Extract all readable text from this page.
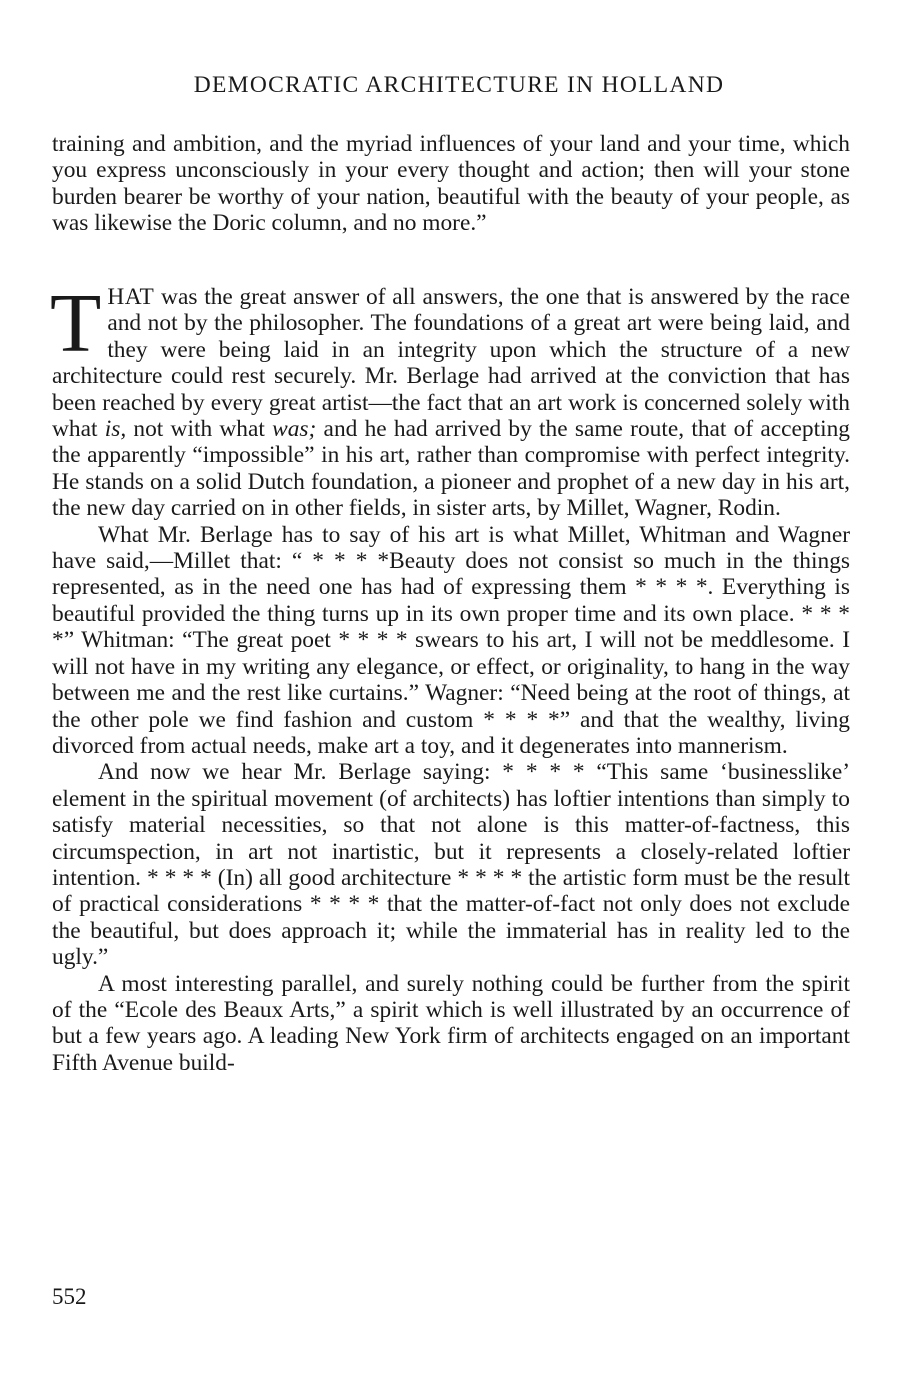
DEMOCRATIC ARCHITECTURE IN HOLLAND

training and ambition, and the myriad influences of your land and your time, which you express unconsciously in your every thought and action; then will your stone burden bearer be worthy of your nation, beautiful with the beauty of your people, as was likewise the Doric column, and no more.”

THAT was the great answer of all answers, the one that is answered by the race and not by the philosopher. The foundations of a great art were being laid, and they were being laid in an integrity upon which the structure of a new architecture could rest securely. Mr. Berlage had arrived at the conviction that has been reached by every great artist—the fact that an art work is concerned solely with what is, not with what was; and he had arrived by the same route, that of accepting the apparently “impossible” in his art, rather than compromise with perfect integrity. He stands on a solid Dutch foundation, a pioneer and prophet of a new day in his art, the new day carried on in other fields, in sister arts, by Millet, Wagner, Rodin.

What Mr. Berlage has to say of his art is what Millet, Whitman and Wagner have said,—Millet that: “ * * * *Beauty does not consist so much in the things represented, as in the need one has had of expressing them * * * *. Everything is beautiful provided the thing turns up in its own proper time and its own place. * * * *” Whitman: “The great poet * * * * swears to his art, I will not be meddlesome. I will not have in my writing any elegance, or effect, or originality, to hang in the way between me and the rest like curtains.” Wagner: “Need being at the root of things, at the other pole we find fashion and custom * * * *” and that the wealthy, living divorced from actual needs, make art a toy, and it degenerates into mannerism.

And now we hear Mr. Berlage saying: * * * * “This same ‘businesslike’ element in the spiritual movement (of architects) has loftier intentions than simply to satisfy material necessities, so that not alone is this matter-of-factness, this circumspection, in art not inartistic, but it represents a closely-related loftier intention. * * * * (In) all good architecture * * * * the artistic form must be the result of practical considerations * * * * that the matter-of-fact not only does not exclude the beautiful, but does approach it; while the immaterial has in reality led to the ugly.”

A most interesting parallel, and surely nothing could be further from the spirit of the “Ecole des Beaux Arts,” a spirit which is well illustrated by an occurrence of but a few years ago. A leading New York firm of architects engaged on an important Fifth Avenue build-

552
